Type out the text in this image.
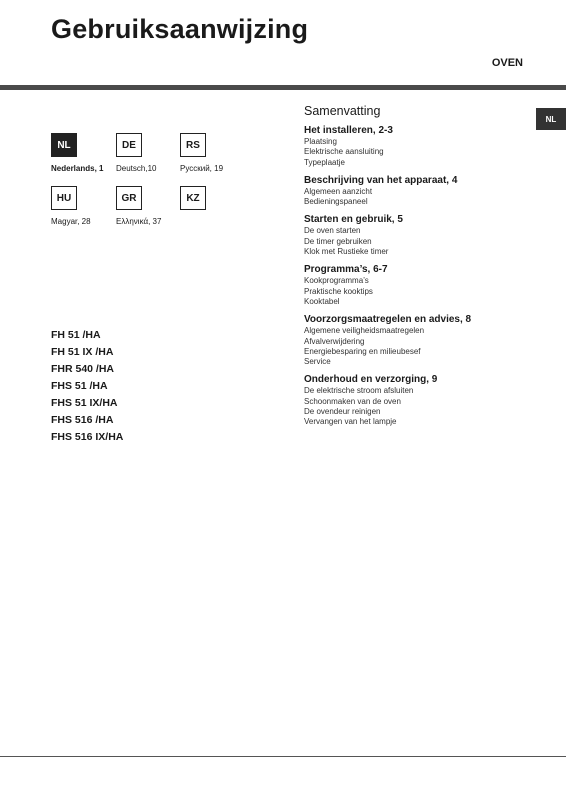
Gebruiksaanwijzing
OVEN
NL
NL
Nederlands, 1
DE
Deutsch,10
RS
Русский, 19
HU
Magyar, 28
GR
Ελληνικά, 37
KZ
FH 51 /HA
FH 51 IX /HA
FHR 540 /HA
FHS 51 /HA
FHS 51 IX/HA
FHS 516 /HA
FHS 516 IX/HA
Samenvatting
Het installeren, 2-3
Plaatsing
Elektrische aansluiting
Typeplaatje
Beschrijving van het apparaat, 4
Algemeen aanzicht
Bedieningspaneel
Starten en gebruik, 5
De oven starten
De timer gebruiken
Klok met Rustieke timer
Programma’s, 6-7
Kookprogramma’s
Praktische kooktips
Kooktabel
Voorzorgsmaatregelen en advies, 8
Algemene veiligheidsmaatregelen
Afvalverwijdering
Energiebesparing en milieubesef
Service
Onderhoud en verzorging, 9
De elektrische stroom afsluiten
Schoonmaken van de oven
De ovendeur reinigen
Vervangen van het lampje
